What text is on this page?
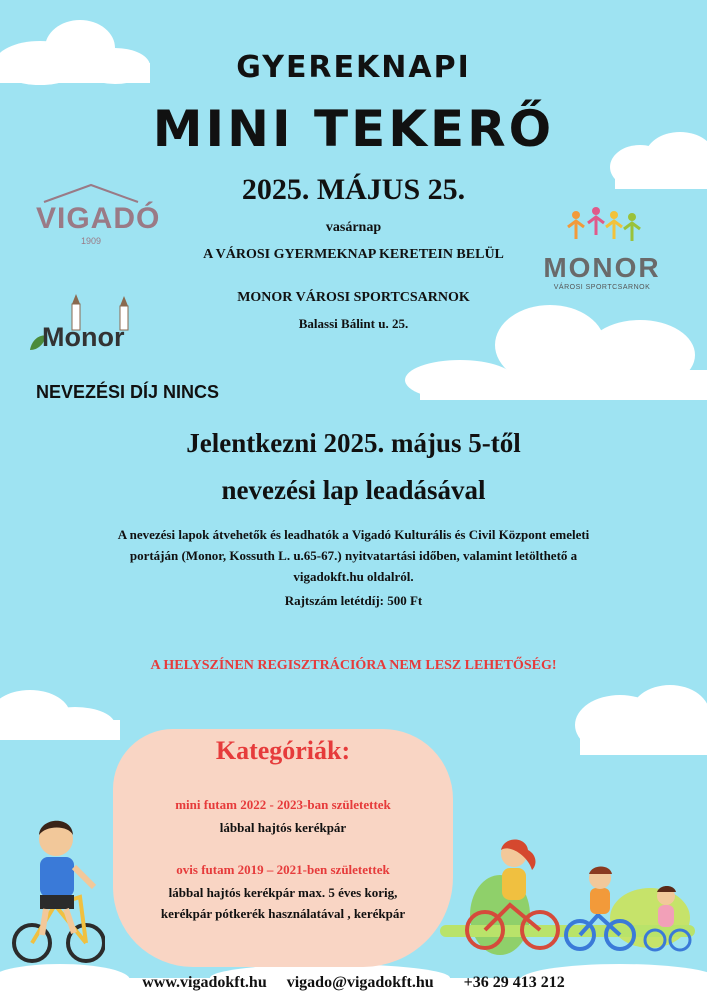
GYEREKNAPI
MINI TEKERŐ
2025. MÁJUS 25.
vasárnap
A VÁROSI GYERMEKNAP KERETEIN BELÜL
MONOR VÁROSI SPORTCSARNOK
Balassi Bálint u. 25.
VIGADÓ
1909
Monor
MONOR
VÁROSI SPORTCSARNOK
NEVEZÉSI DÍJ NINCS
Jelentkezni 2025. május 5-től
nevezési lap leadásával
A nevezési lapok átvehetők és leadhatók a Vigadó Kulturális és Civil Központ emeleti
portáján (Monor, Kossuth L. u.65-67.) nyitvatartási időben, valamint letölthető a
vigadokft.hu oldalról.
Rajtszám letétdíj: 500 Ft
A HELYSZÍNEN REGISZTRÁCIÓRA NEM LESZ LEHETŐSÉG!
Kategóriák:
mini futam 2022 - 2023-ban születettek
lábbal hajtós kerékpár
ovis futam 2019 – 2021-ben születettek
lábbal hajtós kerékpár max. 5 éves korig,
kerékpár pótkerék használatával , kerékpár
www.vigadokft.hu vigado@vigadokft.hu +36 29 413 212
